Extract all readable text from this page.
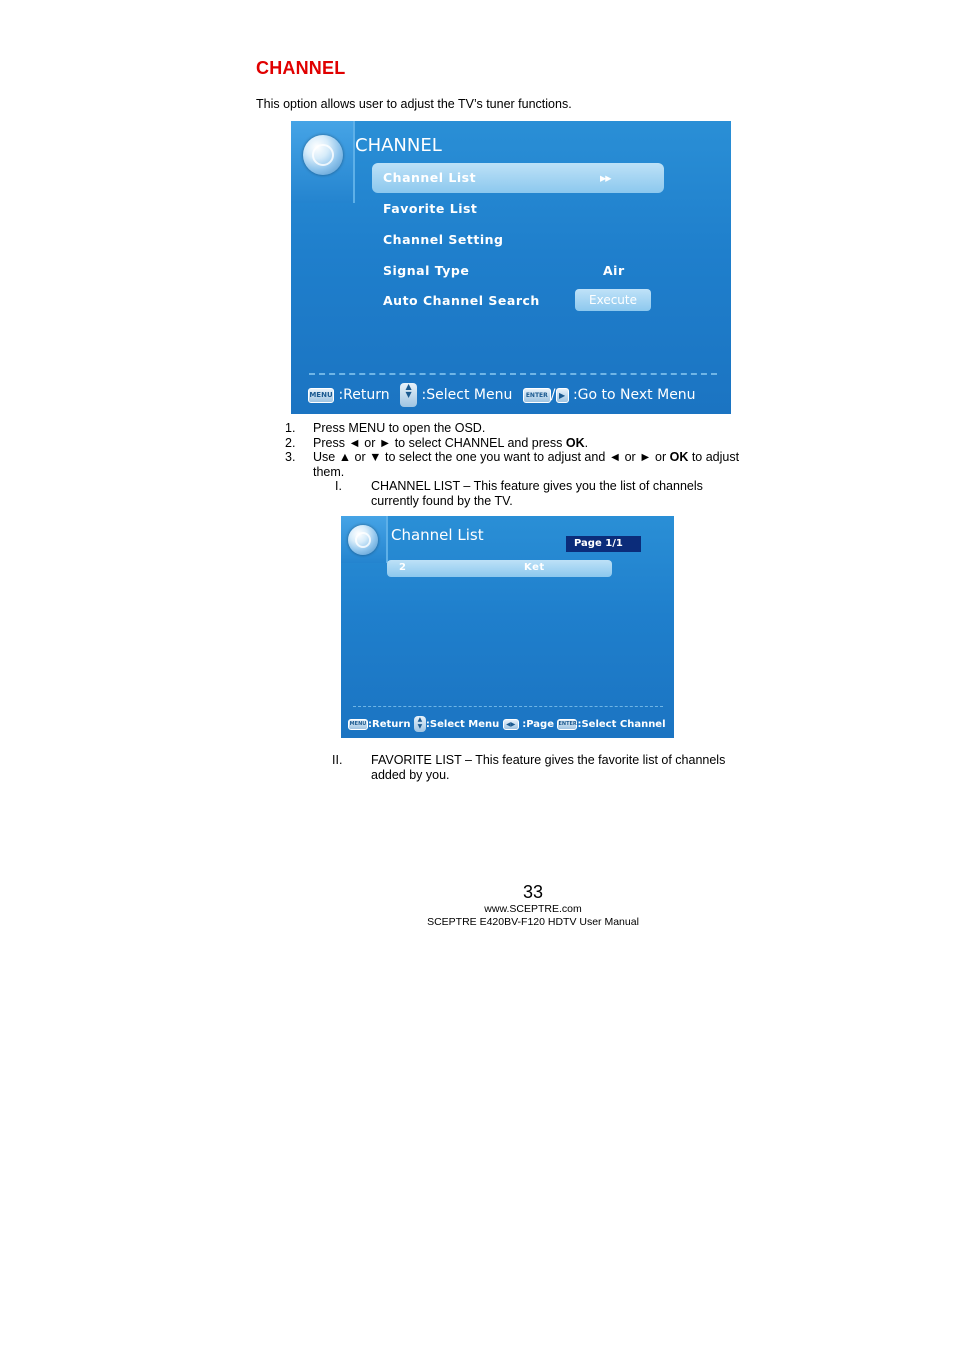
CHANNEL
This option allows user to adjust the TV’s tuner functions.
CHANNEL
Channel List	▸▸
Favorite List
Channel Setting
Signal Type	Air
Auto Channel Search	Execute
MENU :Return ▲
▼ :Select Menu ENTER / ▶ :Go to Next Menu
1. Press MENU to open the OSD.
2. Press ◄ or ► to select CHANNEL and press OK.
3. Use ▲ or ▼ to select the one you want to adjust and ◄ or ► or OK to adjust
them.
I. CHANNEL LIST – This feature gives you the list of channels
currently found by the TV.
Channel List	Page 1/1
2	Ket
MENU :Return ▲
▼ :Select Menu ◀▶ :Page ENTER:Select Channel
II. FAVORITE LIST – This feature gives the favorite list of channels
added by you.
33
www.SCEPTRE.com
SCEPTRE E420BV-F120 HDTV User Manual
